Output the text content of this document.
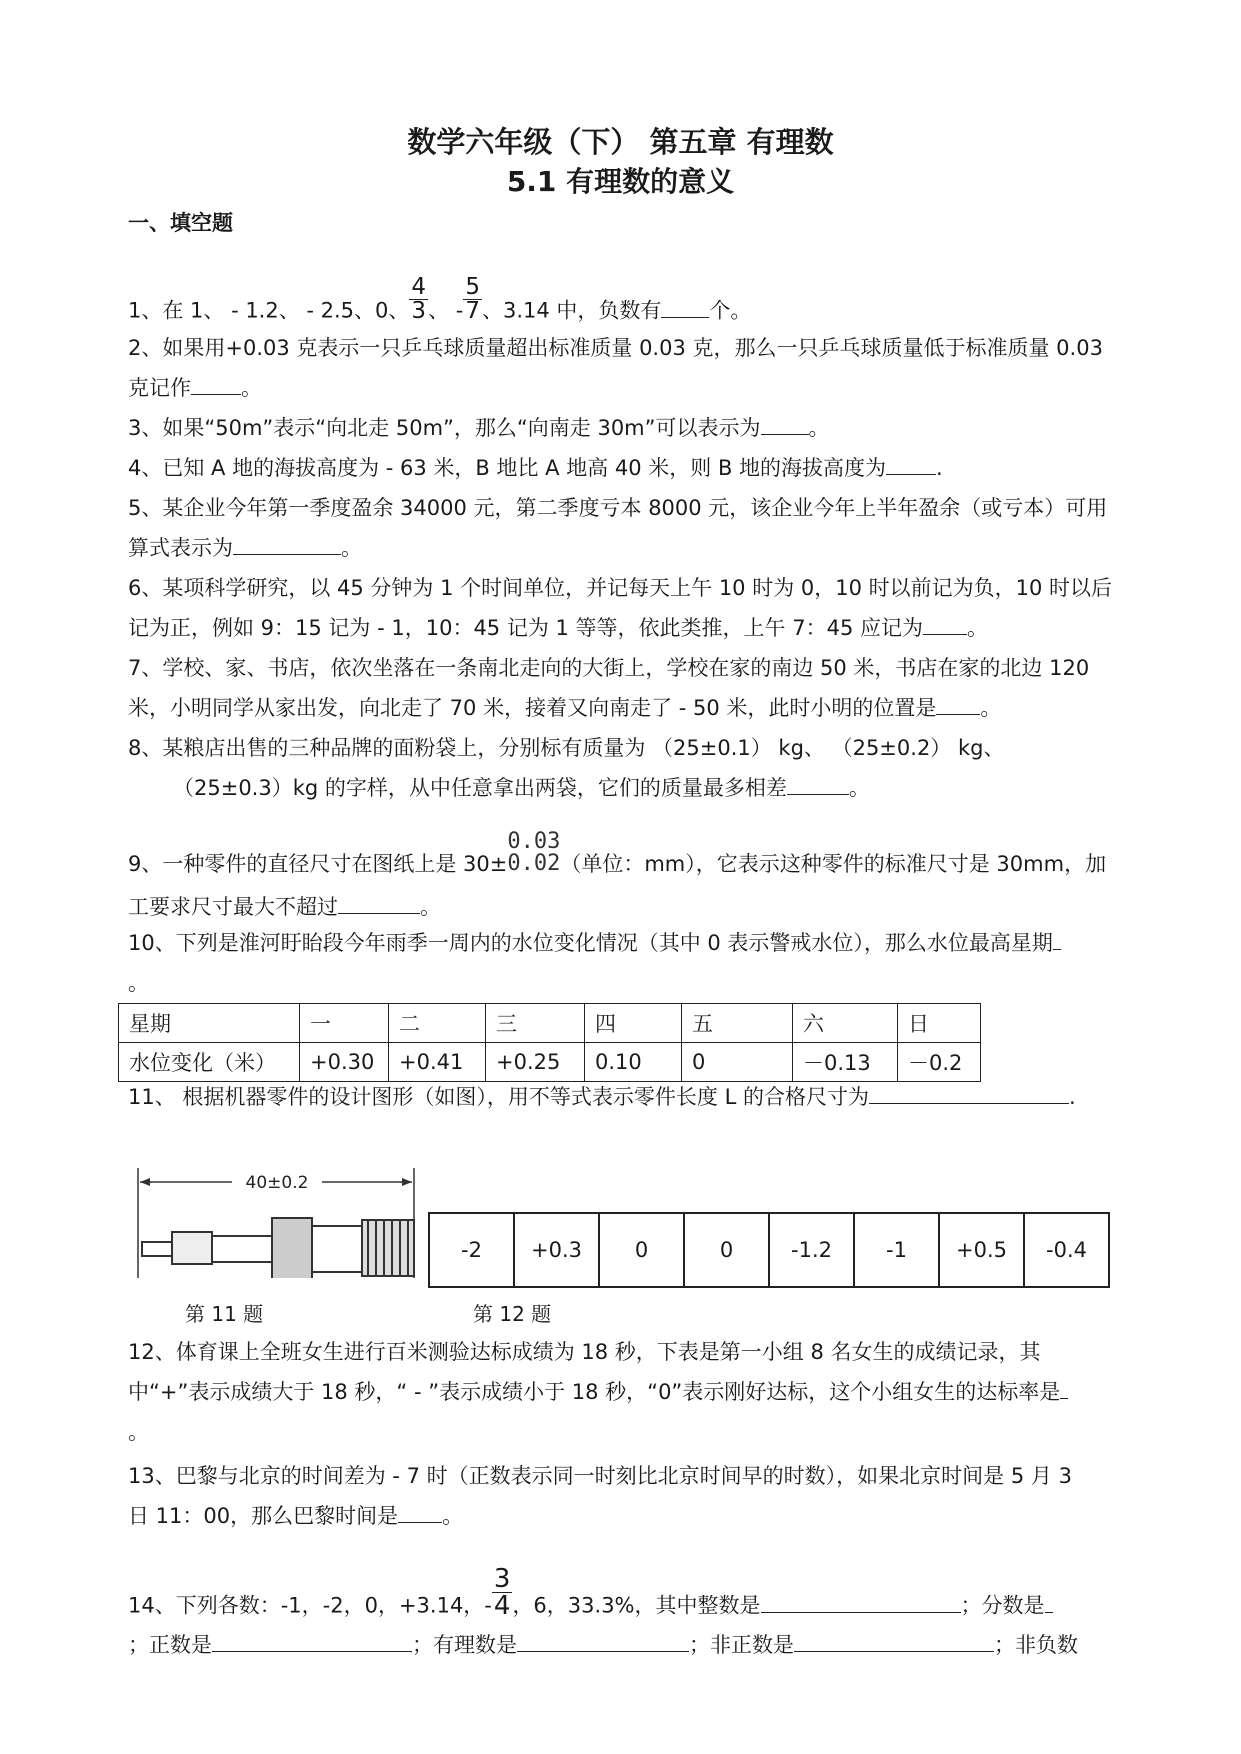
数学六年级（下） 第五章 有理数
5.1 有理数的意义
一、填空题
1、在 1、 - 1.2、 - 2.5、0、 $\frac{4}{3}$ 、 - $\frac{5}{7}$ 、3.14 中，负数有 个。
2、如果用+0.03 克表示一只乒乓球质量超出标准质量 0.03 克，那么一只乒乓球质量低于标准质量 0.03
克记作 。
3、如果“50m”表示“向北走 50m”，那么“向南走 30m”可以表示为 。
4、已知 A 地的海拔高度为 - 63 米，B 地比 A 地高 40 米，则 B 地的海拔高度为 .
5、某企业今年第一季度盈余 34000 元，第二季度亏本 8000 元，该企业今年上半年盈余（或亏本）可用
算式表示为	。
6、某项科学研究，以 45 分钟为 1 个时间单位，并记每天上午 10 时为 0，10 时以前记为负，10 时以后
记为正，例如 9：15 记为 - 1，10：45 记为 1 等等，依此类推，上午 7：45 应记为 。
7、学校、家、书店，依次坐落在一条南北走向的大街上，学校在家的南边 50 米，书店在家的北边 120
米，小明同学从家出发，向北走了 70 米，接着又向南走了 - 50 米，此时小明的位置是 。
8、某粮店出售的三种品牌的面粉袋上，分别标有质量为 （25±0.1） kg、 （25±0.2） kg、
（25±0.3）kg 的字样，从中任意拿出两袋，它们的质量最多相差	。
9、一种零件的直径尺寸在图纸上是 30±
0.03
0.02 （单位：mm），它表示这种零件的标准尺寸是 30mm，加
工要求尺寸最大不超过	。
10、下列是淮河盱眙段今年雨季一周内的水位变化情况（其中 0 表示警戒水位），那么水位最高星期
。
星期	一	二	三	四	五	六	日
水位变化（米）	+0.30	+0.41	+0.25	0.10	0	－0.13	－0.2
11、 根据机器零件的设计图形（如图），用不等式表示零件长度 L 的合格尺寸为	.
40±0.2
-2	+0.3	0	0	-1.2	-1	+0.5	-0.4
第 11 题	第 12 题
12、体育课上全班女生进行百米测验达标成绩为 18 秒，下表是第一小组 8 名女生的成绩记录，其
中“+”表示成绩大于 18 秒，“ - ”表示成绩小于 18 秒，“0”表示刚好达标，这个小组女生的达标率是
。
13、巴黎与北京的时间差为 - 7 时（正数表示同一时刻比北京时间早的时数），如果北京时间是 5 月 3
日 11：00，那么巴黎时间是 。
14、下列各数：-1，-2，0，+3.14，- $\frac{3}{4}$ ，6，33.3%，其中整数是	；分数是
；正数是	；有理数是	；非正数是	；非负数
